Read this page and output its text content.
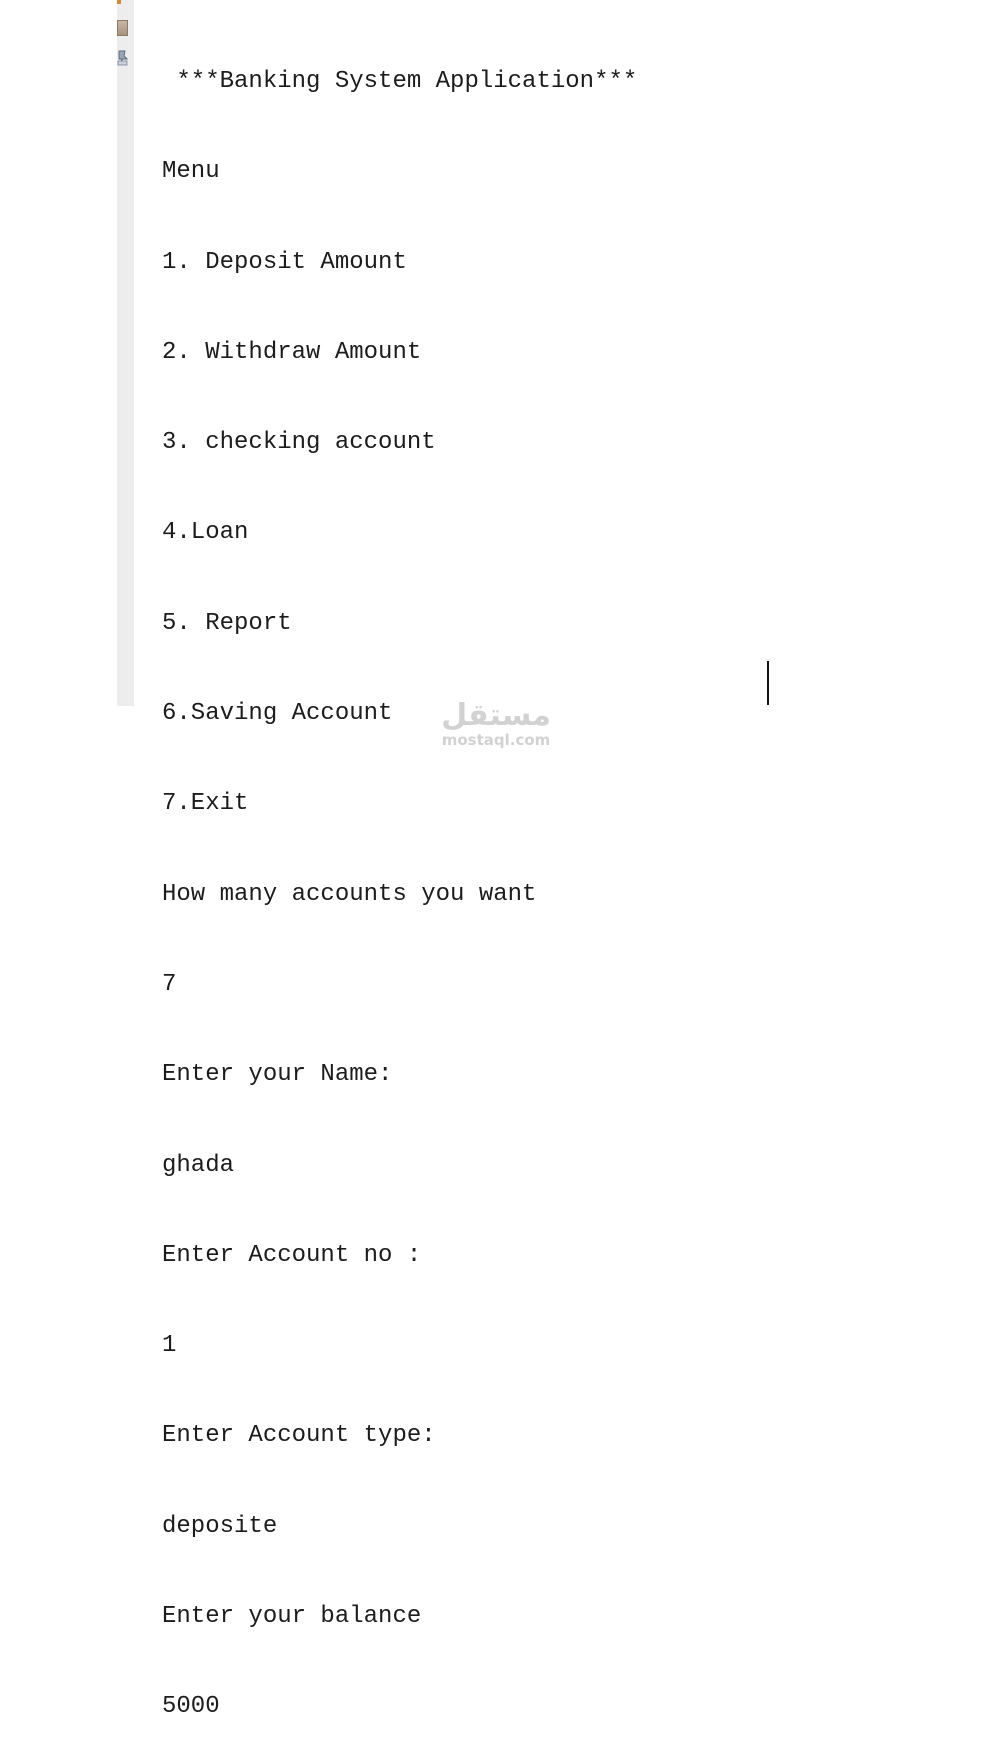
***Banking System Application***

Menu

1. Deposit Amount

2. Withdraw Amount

3. checking account

4.Loan

5. Report

6.Saving Account

7.Exit

How many accounts you want

7

Enter your Name:

ghada

Enter Account no :

1

Enter Account type:

deposite

Enter your balance

5000

مستقل
mostaql.com
